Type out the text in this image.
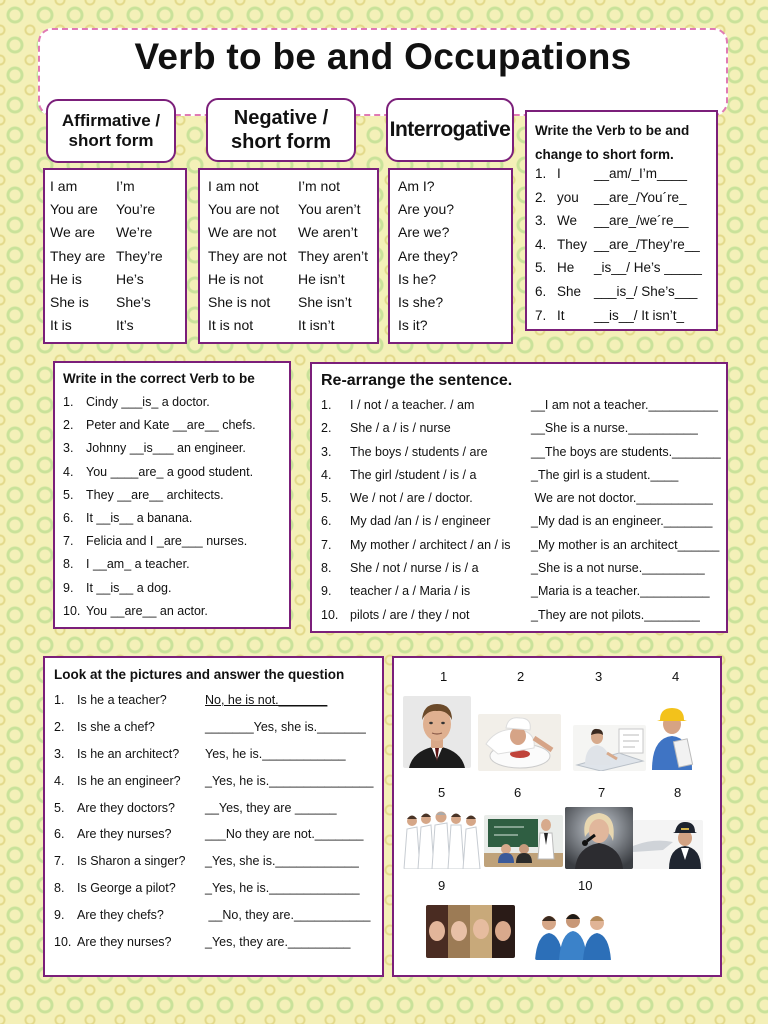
Verb to be and Occupations
Affirmative /
short form
Negative /
short form
Interrogative
I am	I’m
You are You’re
We are We’re
They are They’re
He is He’s
She is She’s
It is	It’s
I am not	I’m not
You are not You aren’t
We are not We aren’t
They are not They aren’t
He is not He isn’t
She is not She isn’t
It is not	It isn’t
Am I?
Are you?
Are we?
Are they?
Is he?
Is she?
Is it?
Write the Verb to be and
change to short form.
1. I __am/_I’m____
2. you __are_/You´re_
3. We __are_/we´re__
4. They __are_/They’re__
5. He _is__/ He’s _____
6. She ___is_/ She’s___
7. It __is__/ It isn’t_
Write in the correct Verb to be
1. Cindy ___is_ a doctor.
2. Peter and Kate __are__ chefs.
3. Johnny __is___ an engineer.
4. You ____are_ a good student.
5. They __are__ architects.
6. It __is__ a banana.
7. Felicia and I _are___ nurses.
8. I __am_ a teacher.
9. It __is__ a dog.
10. You __are__ an actor.
Re-arrange the sentence.
1. I / not / a teacher. / am	__I am not a teacher.__________
2. She / a / is / nurse	__She is a nurse.__________
3. The boys / students / are	__The boys are students._______
4. The girl /student / is / a	_The girl is a student.____
5. We / not / are / doctor.	We are not doctor.___________
6. My dad /an / is / engineer	_My dad is an engineer._______
7. My mother / architect / an / is _My mother is an architect______
8. She / not / nurse / is / a	_She is a not nurse._________
9. teacher / a / Maria / is	_Maria is a teacher.__________
10. pilots / are / they / not	_They are not pilots.________
Look at the pictures and answer the question
1. Is he a teacher?	No, he is not._______
2. Is she a chef?	_______Yes, she is._______
3. Is he an architect? Yes, he is.____________
4. Is he an engineer? _Yes, he is._______________
5. Are they doctors? __Yes, they are ______
6. Are they nurses?	___No they are not._______
7. Is Sharon a singer? _Yes, she is.____________
8. Is George a pilot? _Yes, he is._____________
9. Are they chefs?	__No, they are.___________
10. Are they nurses?	_Yes, they are._________
1	2	3	4
5	6	7	8
9	10
